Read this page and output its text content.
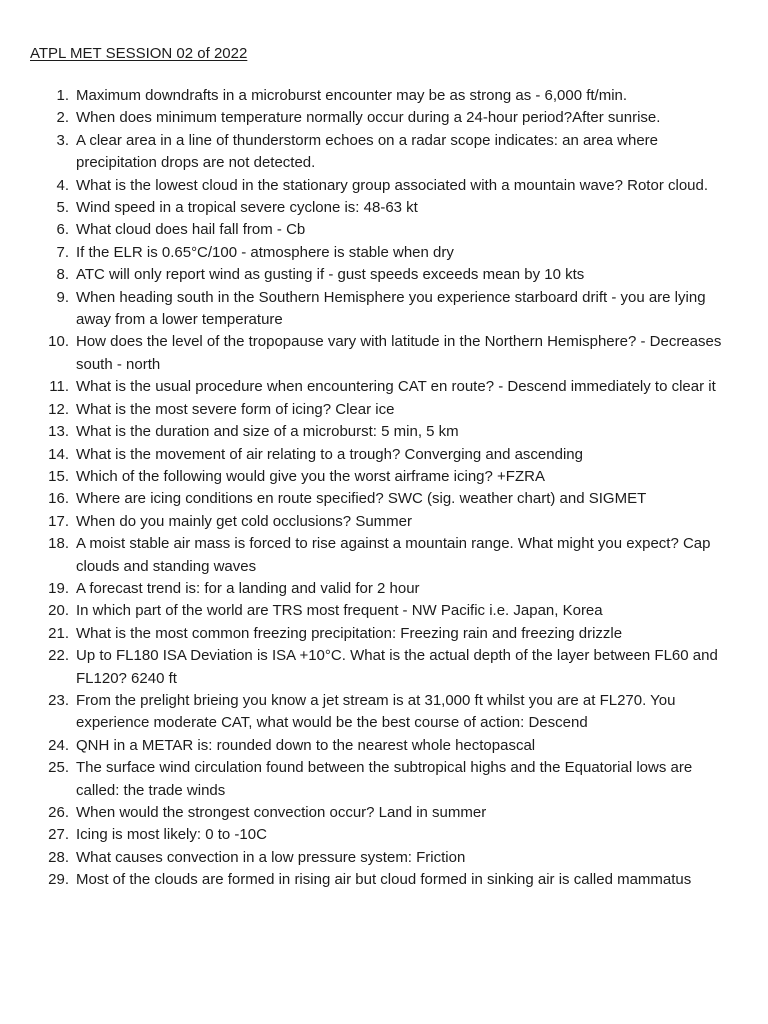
ATPL MET SESSION 02 of 2022
1. Maximum downdrafts in a microburst encounter may be as strong as - 6,000 ft/min.
2. When does minimum temperature normally occur during a 24-hour period?After sunrise.
3. A clear area in a line of thunderstorm echoes on a radar scope indicates: an area where precipitation drops are not detected.
4. What is the lowest cloud in the stationary group associated with a mountain wave? Rotor cloud.
5. Wind speed in a tropical severe cyclone is: 48-63 kt
6. What cloud does hail fall from - Cb
7. If the ELR is 0.65°C/100 - atmosphere is stable when dry
8. ATC will only report wind as gusting if - gust speeds exceeds mean by 10 kts
9. When heading south in the Southern Hemisphere you experience starboard drift - you are lying away from a lower temperature
10. How does the level of the tropopause vary with latitude in the Northern Hemisphere? - Decreases south - north
11. What is the usual procedure when encountering CAT en route? - Descend immediately to clear it
12. What is the most severe form of icing? Clear ice
13. What is the duration and size of a microburst: 5 min, 5 km
14. What is the movement of air relating to a trough? Converging and ascending
15. Which of the following would give you the worst airframe icing? +FZRA
16. Where are icing conditions en route specified? SWC (sig. weather chart) and SIGMET
17. When do you mainly get cold occlusions? Summer
18. A moist stable air mass is forced to rise against a mountain range. What might you expect? Cap clouds and standing waves
19. A forecast trend is: for a landing and valid for 2 hour
20. In which part of the world are TRS most frequent - NW Pacific i.e. Japan, Korea
21. What is the most common freezing precipitation: Freezing rain and freezing drizzle
22. Up to FL180 ISA Deviation is ISA +10°C. What is the actual depth of the layer between FL60 and FL120? 6240 ft
23. From the prelight brieing you know a jet stream is at 31,000 ft whilst you are at FL270. You experience moderate CAT, what would be the best course of action: Descend
24. QNH in a METAR is: rounded down to the nearest whole hectopascal
25. The surface wind circulation found between the subtropical highs and the Equatorial lows are called: the trade winds
26. When would the strongest convection occur? Land in summer
27. Icing is most likely: 0 to -10C
28. What causes convection in a low pressure system: Friction
29. Most of the clouds are formed in rising air but cloud formed in sinking air is called mammatus
